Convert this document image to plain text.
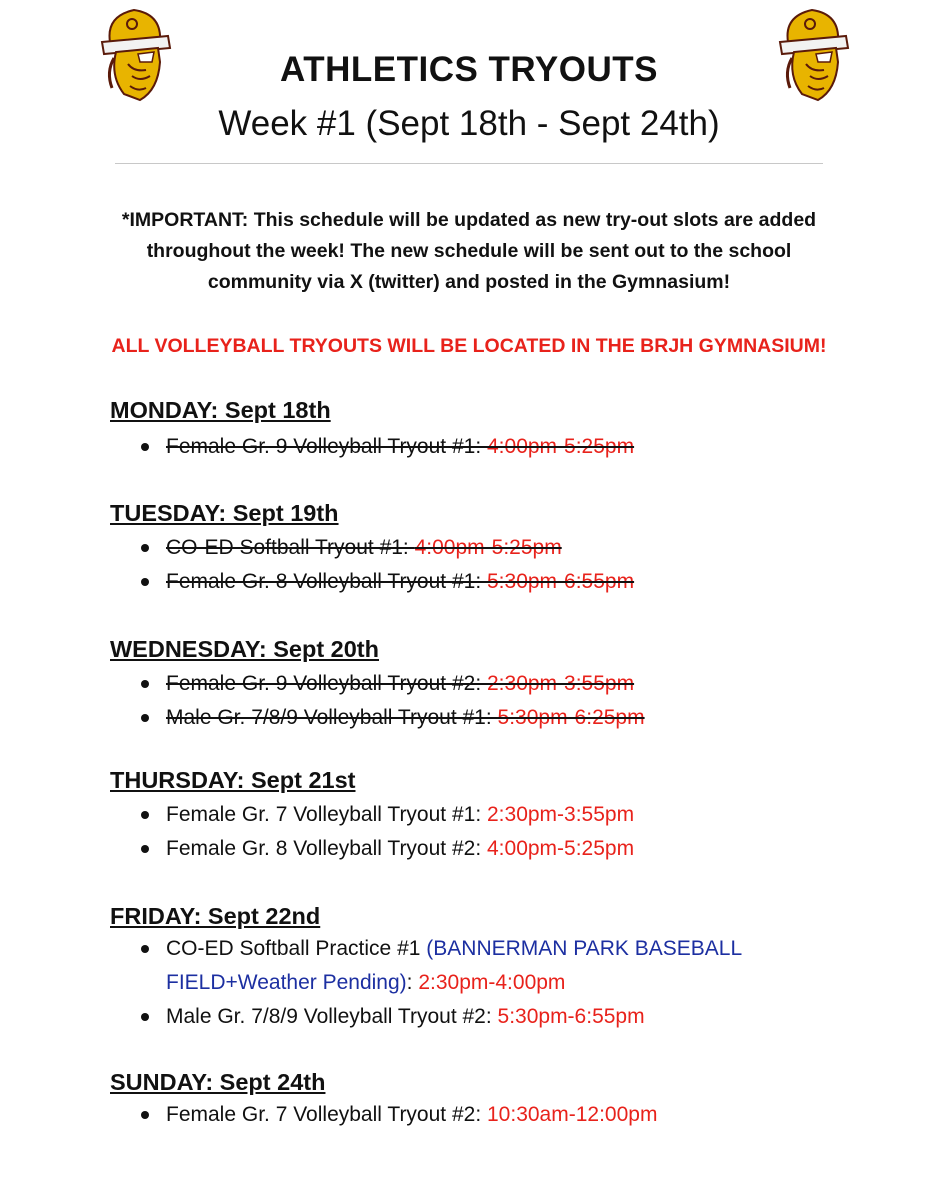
ATHLETICS TRYOUTS
Week #1 (Sept 18th - Sept 24th)
*IMPORTANT: This schedule will be updated as new try-out slots are added throughout the week! The new schedule will be sent out to the school community via X (twitter) and posted in the Gymnasium!
ALL VOLLEYBALL TRYOUTS WILL BE LOCATED IN THE BRJH GYMNASIUM!
MONDAY: Sept 18th
Female Gr. 9 Volleyball Tryout #1: 4:00pm-5:25pm
TUESDAY: Sept 19th
CO-ED Softball Tryout #1: 4:00pm-5:25pm
Female Gr. 8 Volleyball Tryout #1: 5:30pm-6:55pm
WEDNESDAY: Sept 20th
Female Gr. 9 Volleyball Tryout #2: 2:30pm-3:55pm
Male Gr. 7/8/9 Volleyball Tryout #1: 5:30pm-6:25pm
THURSDAY: Sept 21st
Female Gr. 7 Volleyball Tryout #1: 2:30pm-3:55pm
Female Gr. 8 Volleyball Tryout #2: 4:00pm-5:25pm
FRIDAY: Sept 22nd
CO-ED Softball Practice #1 (BANNERMAN PARK BASEBALL FIELD+Weather Pending): 2:30pm-4:00pm
Male Gr. 7/8/9 Volleyball Tryout #2: 5:30pm-6:55pm
SUNDAY: Sept 24th
Female Gr. 7 Volleyball Tryout #2: 10:30am-12:00pm
